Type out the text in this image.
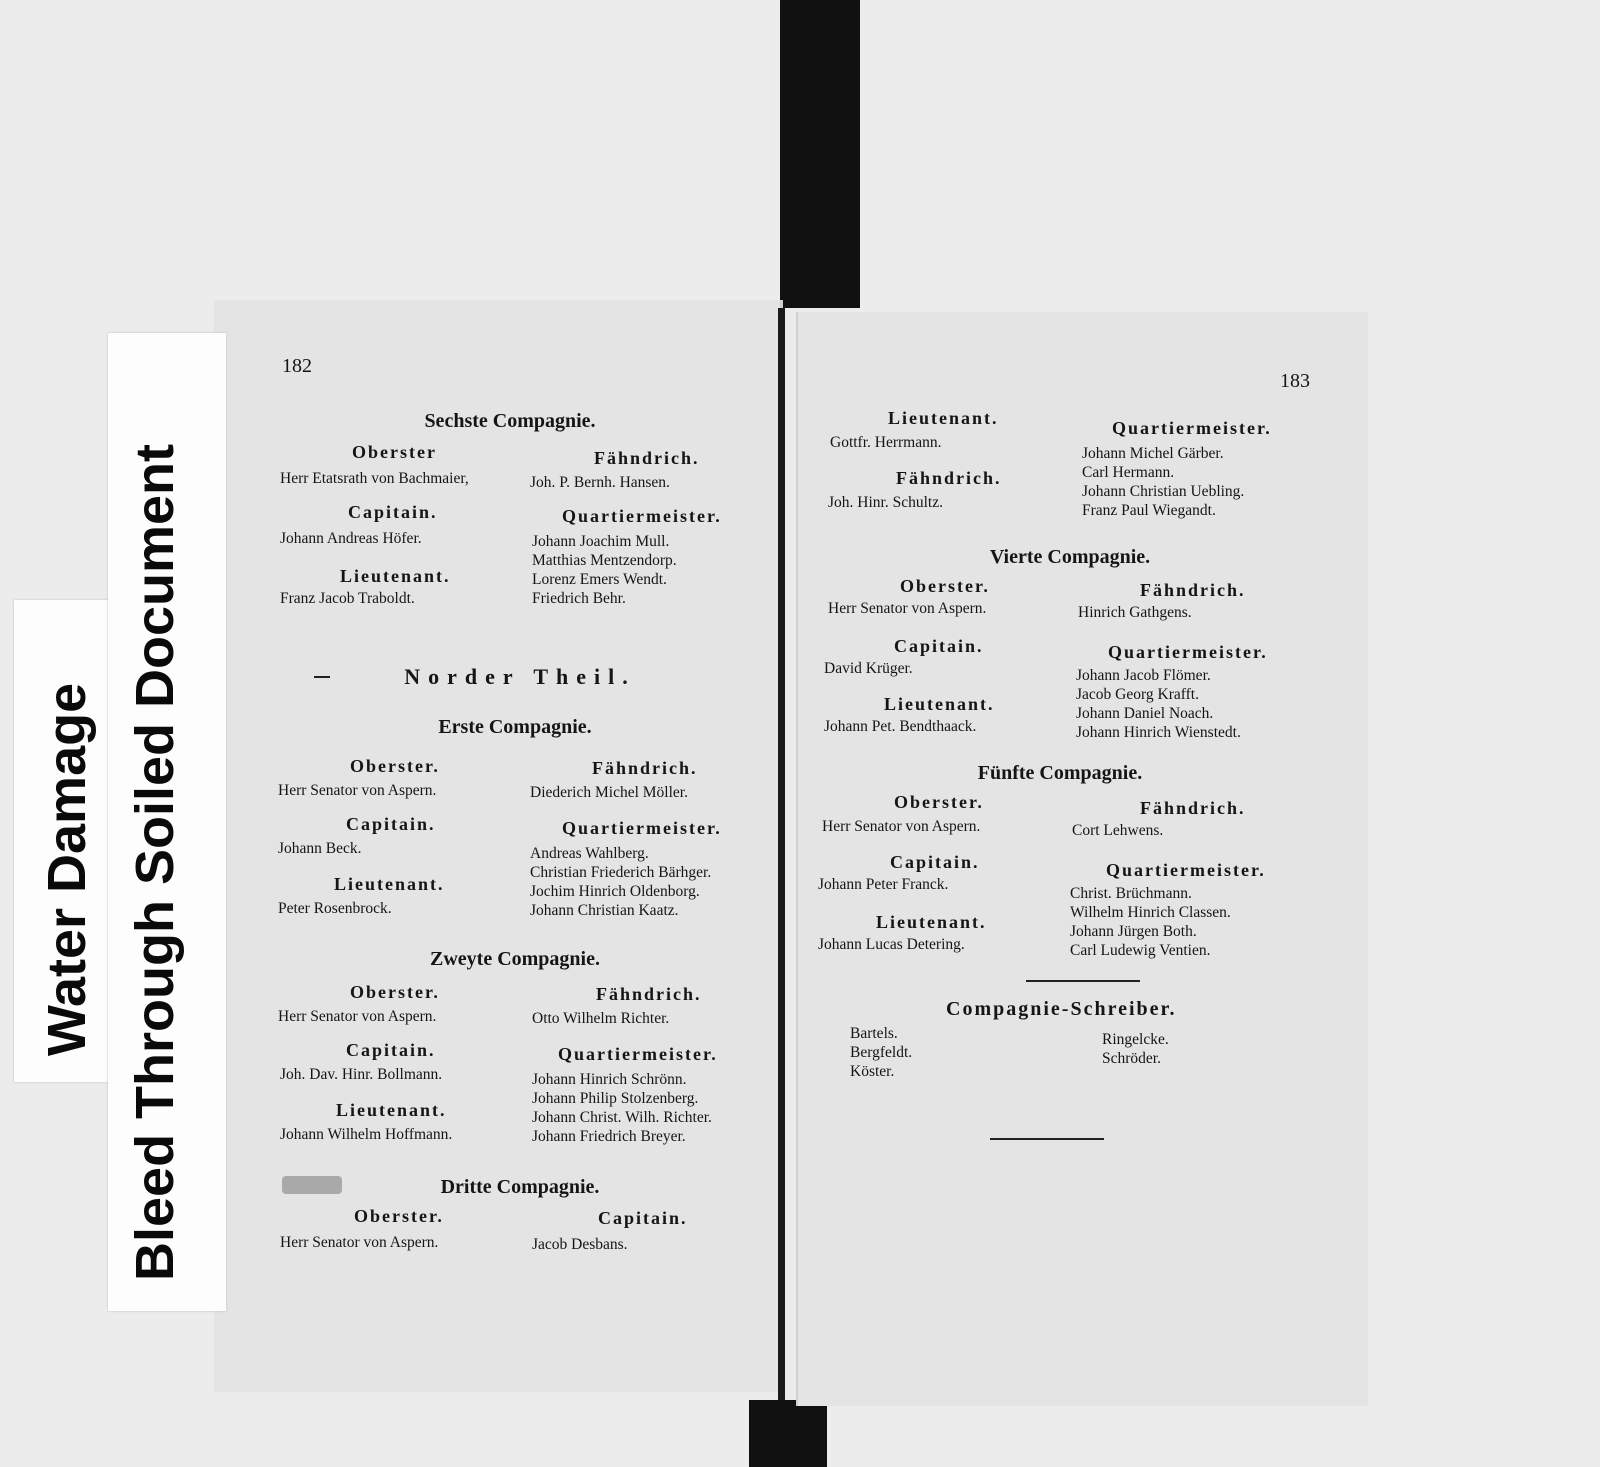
Water Damage Bleed Through Soiled Document
182
Sechste Compagnie.
Oberster
Herr Etatsrath von Bachmaier,
Fähndrich.
Joh. P. Bernh. Hansen.
Capitain.
Johann Andreas Höfer.
Quartiermeister.
Johann Joachim Mull.
Matthias Mentzendorp.
Lorenz Emers Wendt.
Friedrich Behr.
Lieutenant.
Franz Jacob Traboldt.
Norder Theil.
Erste Compagnie.
Oberster.
Herr Senator von Aspern.
Fähndrich.
Diederich Michel Möller.
Capitain.
Johann Beck.
Quartiermeister.
Andreas Wahlberg.
Christian Friederich Bärhger.
Jochim Hinrich Oldenborg.
Johann Christian Kaatz.
Lieutenant.
Peter Rosenbrock.
Zweyte Compagnie.
Oberster.
Herr Senator von Aspern.
Fähndrich.
Otto Wilhelm Richter.
Capitain.
Joh. Dav. Hinr. Bollmann.
Quartiermeister.
Johann Hinrich Schrönn.
Johann Philip Stolzenberg.
Johann Christ. Wilh. Richter.
Johann Friedrich Breyer.
Lieutenant.
Johann Wilhelm Hoffmann.
Dritte Compagnie.
Oberster.
Herr Senator von Aspern.
Capitain.
Jacob Desbans.
183
Lieutenant.
Gottfr. Herrmann.
Fähndrich.
Joh. Hinr. Schultz.
Quartiermeister.
Johann Michel Gärber.
Carl Hermann.
Johann Christian Uebling.
Franz Paul Wiegandt.
Vierte Compagnie.
Oberster.
Herr Senator von Aspern.
Fähndrich.
Hinrich Gathgens.
Capitain.
David Krüger.
Quartiermeister.
Johann Jacob Flömer.
Jacob Georg Krafft.
Johann Daniel Noach.
Johann Hinrich Wienstedt.
Lieutenant.
Johann Pet. Bendthaack.
Fünfte Compagnie.
Oberster.
Herr Senator von Aspern.
Fähndrich.
Cort Lehwens.
Capitain.
Johann Peter Franck.
Quartiermeister.
Christ. Brüchmann.
Wilhelm Hinrich Classen.
Johann Jürgen Both.
Carl Ludewig Ventien.
Lieutenant.
Johann Lucas Detering.
Compagnie-Schreiber.
Bartels.
Bergfeldt.
Köster.
Ringelcke.
Schröder.
